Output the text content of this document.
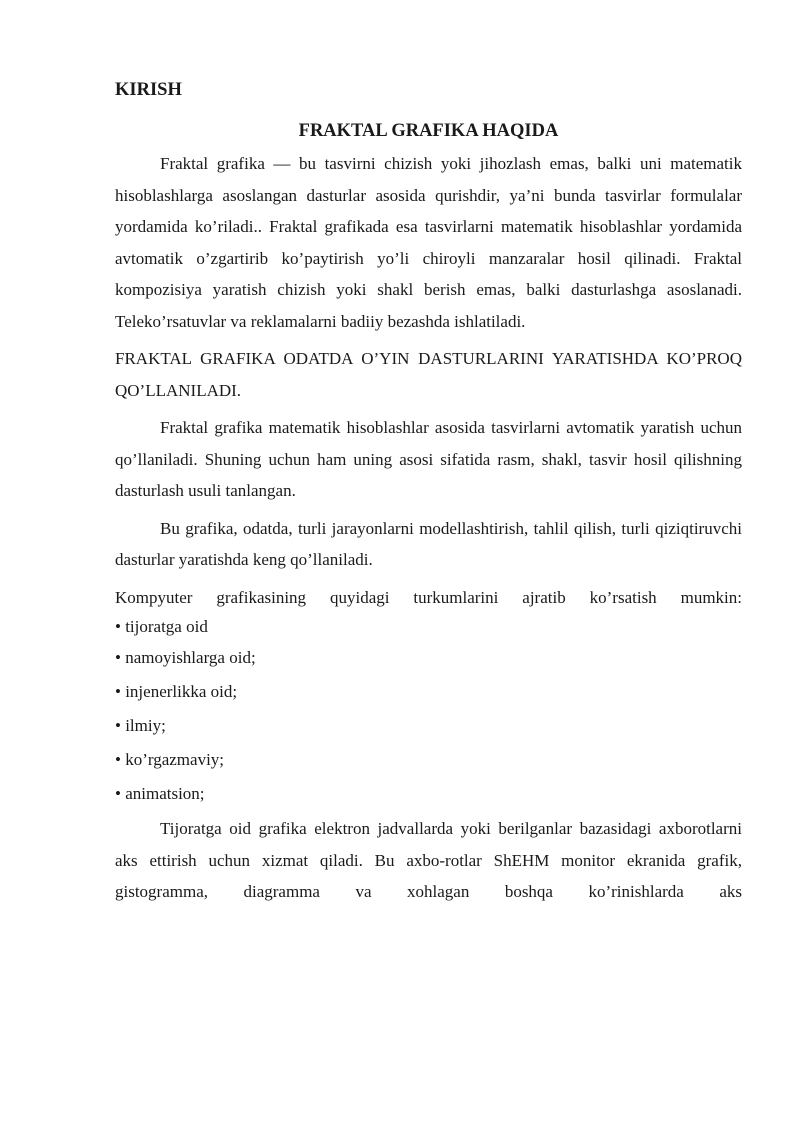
KIRISH
FRAKTAL GRAFIKA HAQIDA

Fraktal grafika — bu tasvirni chizish yoki jihozlash emas, balki uni matematik hisoblashlarga asoslangan dasturlar asosida qurishdir, ya’ni bunda tasvirlar formulalar yordamida ko’riladi.. Fraktal grafikada esa tasvirlarni matematik hisoblashlar yordamida avtomatik o’zgartirib ko’paytirish yo’li chiroyli manzaralar hosil qilinadi. Fraktal kompozisiya yaratish chizish yoki shakl berish emas, balki dasturlashga asoslanadi. Teleko’rsatuvlar va reklamalarni badiiy bezashda ishlatiladi.

FRAKTAL GRAFIKA ODATDA O’YIN DASTURLARINI YARATISHDA KO’PROQ QO’LLANILADI.

Fraktal grafika matematik hisoblashlar asosida tasvirlarni avtomatik yaratish uchun qo’llaniladi. Shuning uchun ham uning asosi sifatida rasm, shakl, tasvir hosil qilishning dasturlash usuli tanlangan.

Bu grafika, odatda, turli jarayonlarni modellashtirish, tahlil qilish, turli qiziqtiruvchi dasturlar yaratishda keng qo’llaniladi.

Kompyuter grafikasining quyidagi turkumlarini ajratib ko’rsatish mumkin:

• tijoratga oid
• namoyishlarga oid;
• injenerlikka oid;
• ilmiy;
• ko’rgazmaviy;
• animatsion;

Tijoratga oid grafika elektron jadvallarda yoki berilganlar bazasidagi axborotlarni aks ettirish uchun xizmat qiladi. Bu axbo-rotlar ShEHM monitor ekranida grafik, gistogramma, diagramma va xohlagan boshqa ko’rinishlarda aks
